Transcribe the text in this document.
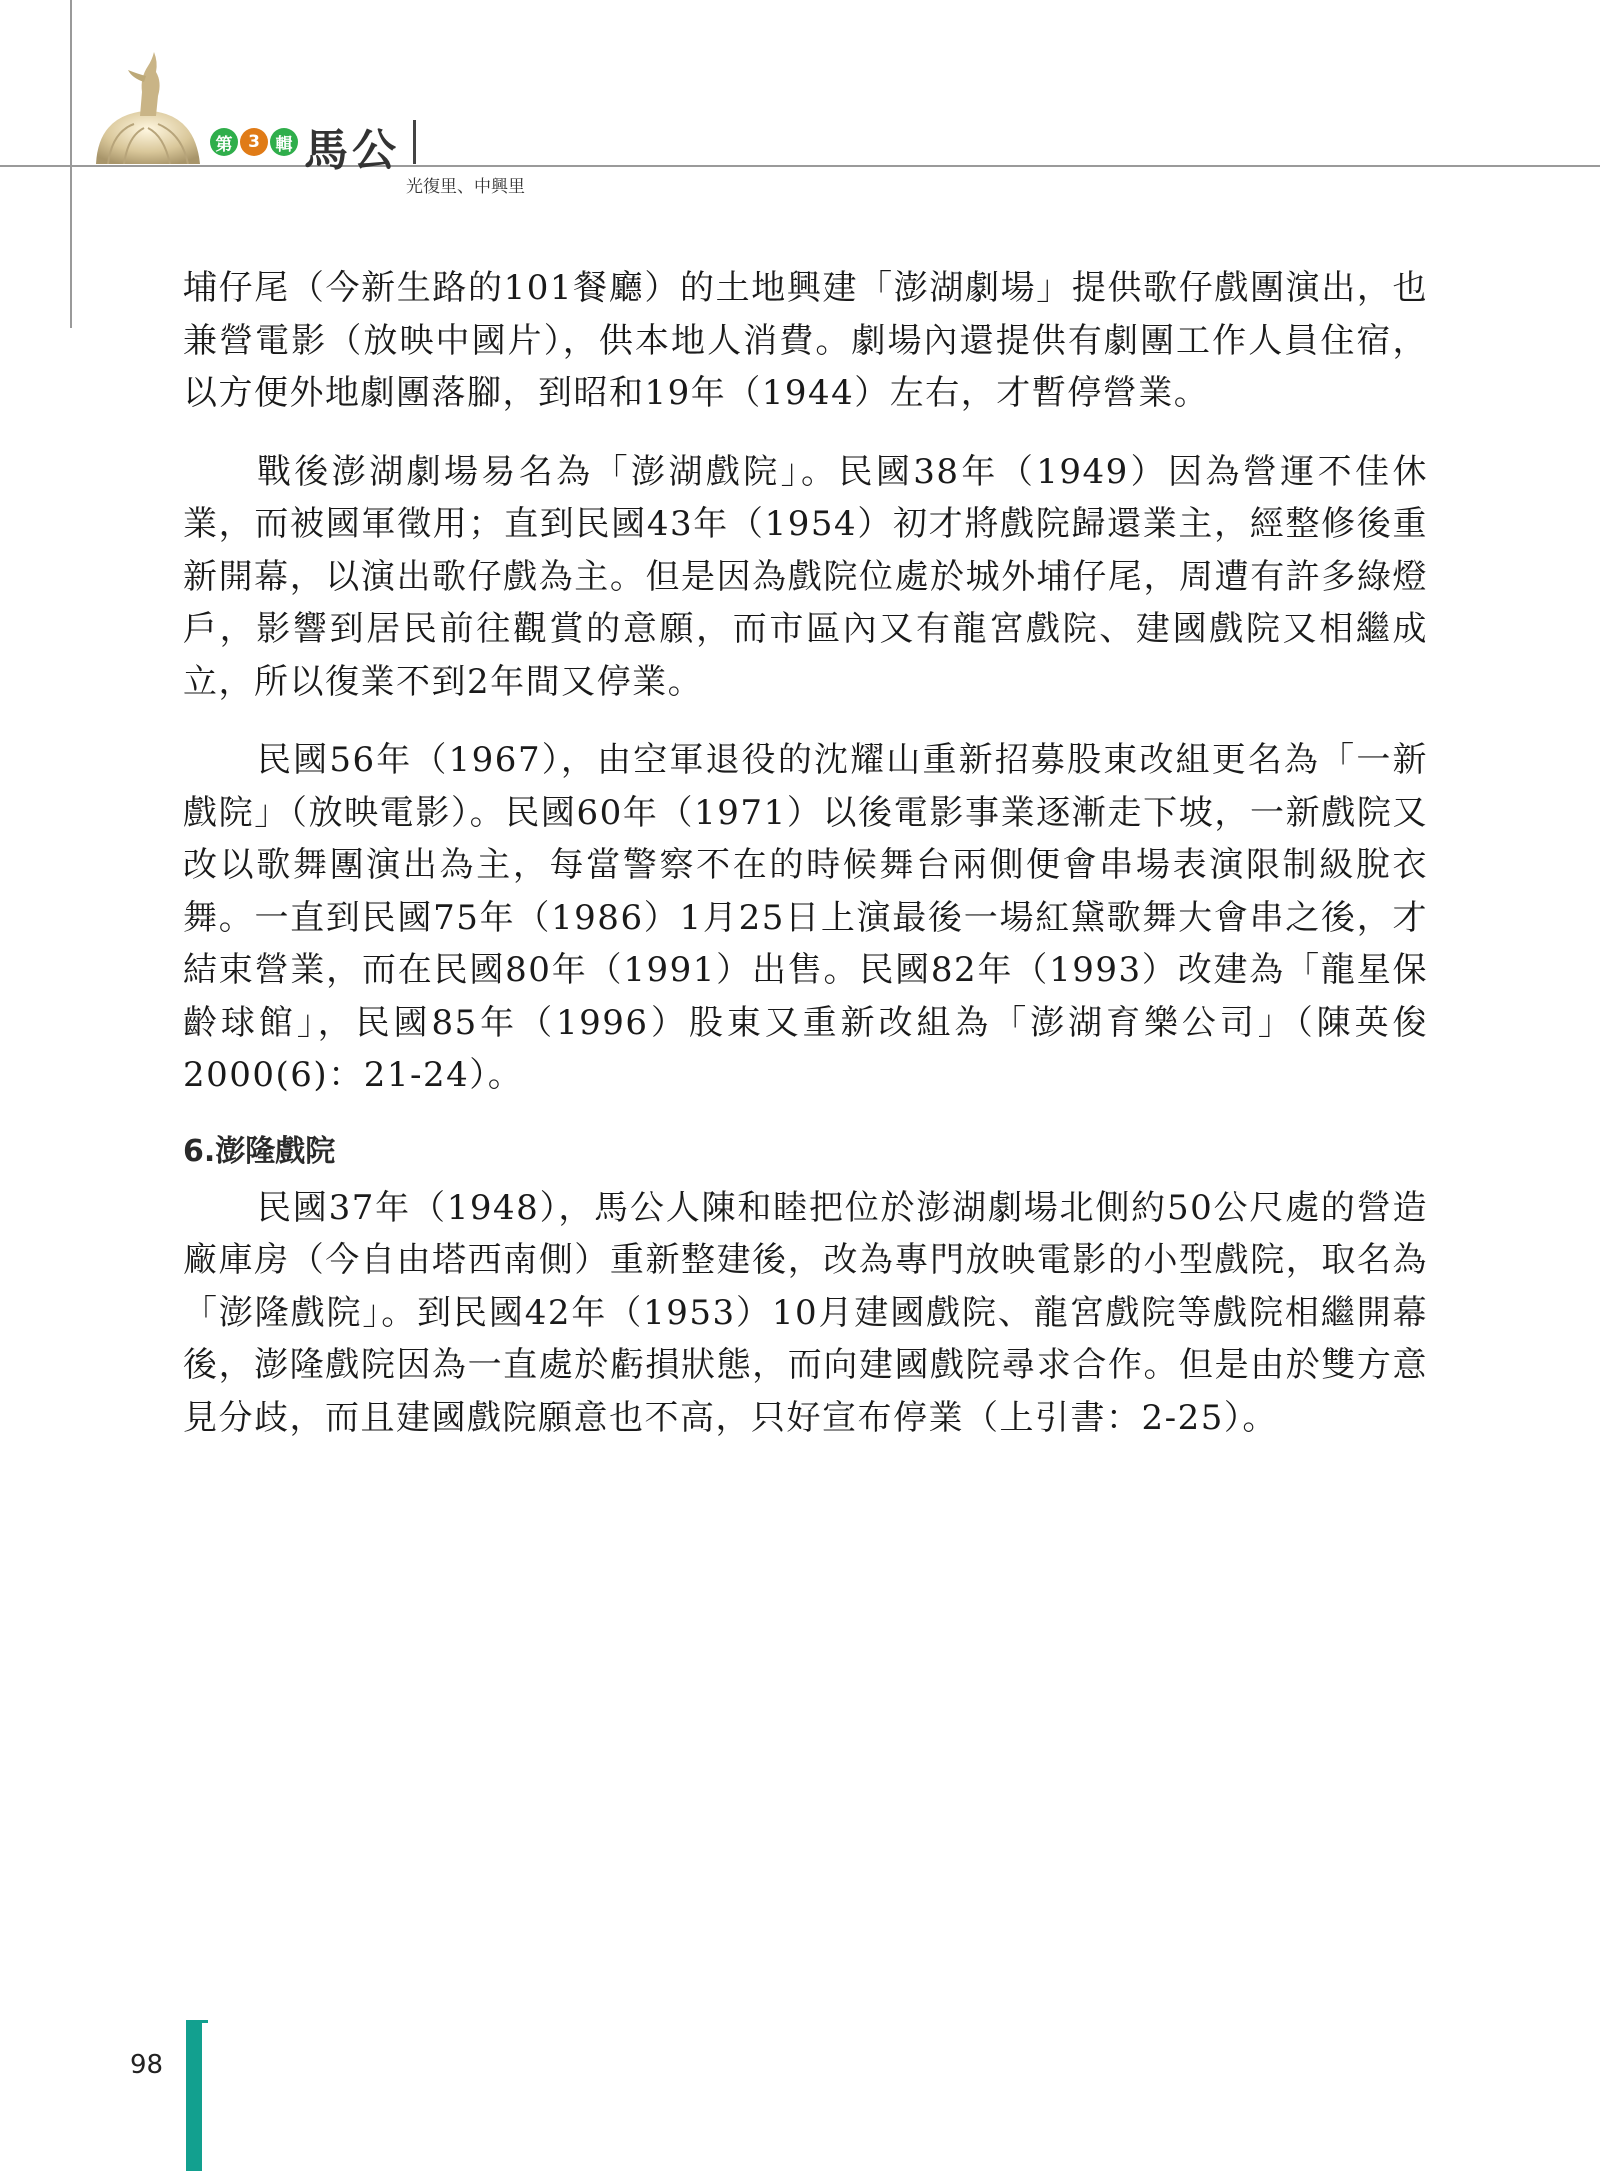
第 3 輯 馬公
光復里、中興里

埔仔尾（今新生路的101餐廳）的土地興建「澎湖劇場」提供歌仔戲團演出，也兼營電影（放映中國片），供本地人消費。劇場內還提供有劇團工作人員住宿，以方便外地劇團落腳，到昭和19年（1944）左右，才暫停營業。

戰後澎湖劇場易名為「澎湖戲院」。民國38年（1949）因為營運不佳休業，而被國軍徵用；直到民國43年（1954）初才將戲院歸還業主，經整修後重新開幕，以演出歌仔戲為主。但是因為戲院位處於城外埔仔尾，周遭有許多綠燈戶，影響到居民前往觀賞的意願，而市區內又有龍宮戲院、建國戲院又相繼成立，所以復業不到2年間又停業。

民國56年（1967），由空軍退役的沈耀山重新招募股東改組更名為「一新戲院」（放映電影）。民國60年（1971）以後電影事業逐漸走下坡，一新戲院又改以歌舞團演出為主，每當警察不在的時候舞台兩側便會串場表演限制級脫衣舞。一直到民國75年（1986）1月25日上演最後一場紅黛歌舞大會串之後，才結束營業，而在民國80年（1991）出售。民國82年（1993）改建為「龍星保齡球館」，民國85年（1996）股東又重新改組為「澎湖育樂公司」（陳英俊 2000(6)：21-24）。

6.澎隆戲院

民國37年（1948），馬公人陳和睦把位於澎湖劇場北側約50公尺處的營造廠庫房（今自由塔西南側）重新整建後，改為專門放映電影的小型戲院，取名為「澎隆戲院」。到民國42年（1953）10月建國戲院、龍宮戲院等戲院相繼開幕後，澎隆戲院因為一直處於虧損狀態，而向建國戲院尋求合作。但是由於雙方意見分歧，而且建國戲院願意也不高，只好宣布停業（上引書：2-25）。

98
